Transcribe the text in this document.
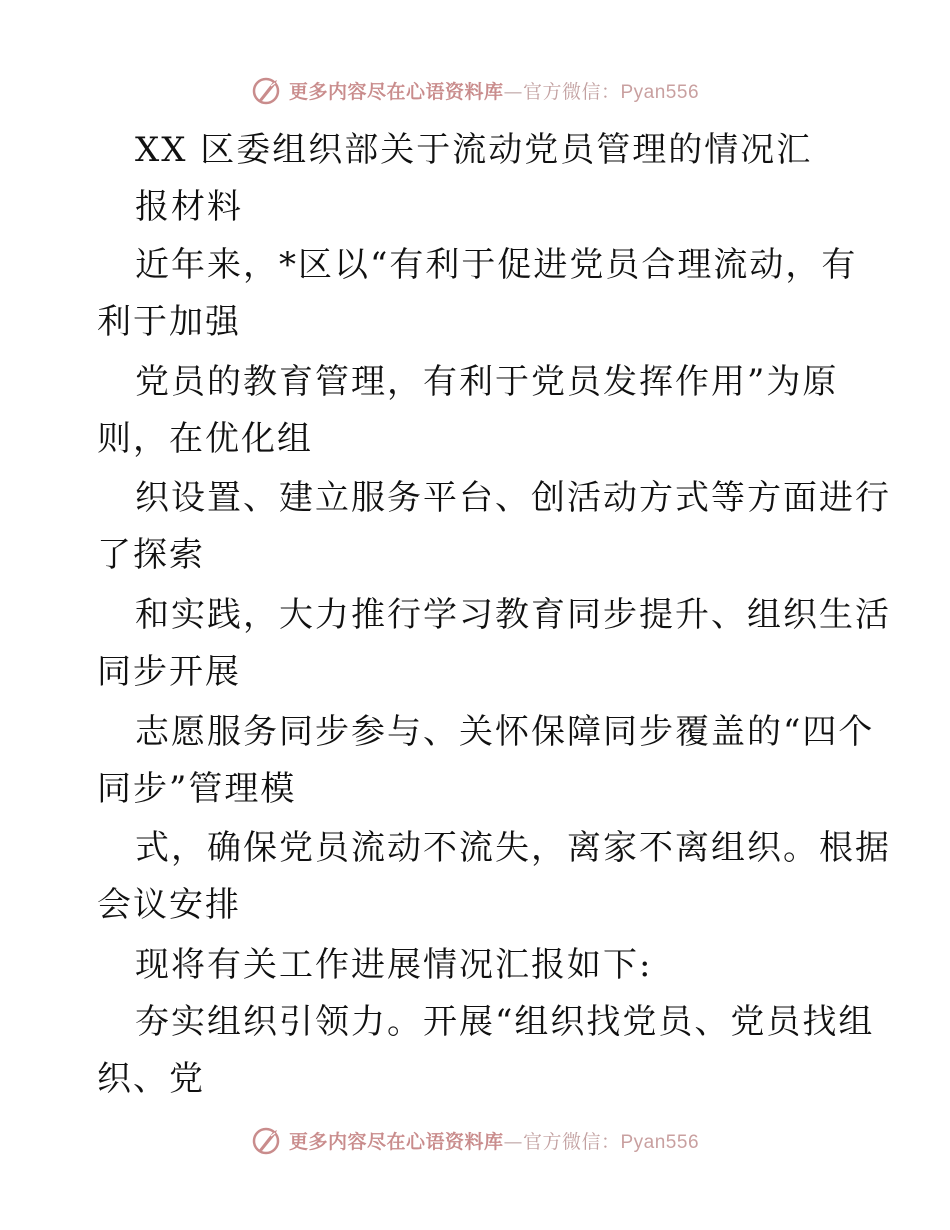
更多内容尽在心语资料库—官方微信：Pyan556
XX 区委组织部关于流动党员管理的情况汇
报材料
近年来，*区以“有利于促进党员合理流动，有
利于加强
党员的教育管理，有利于党员发挥作用”为原
则，在优化组
织设置、建立服务平台、创活动方式等方面进行
了探索
和实践，大力推行学习教育同步提升、组织生活
同步开展
志愿服务同步参与、关怀保障同步覆盖的“四个
同步”管理模
式，确保党员流动不流失，离家不离组织。根据
会议安排
现将有关工作进展情况汇报如下:
夯实组织引领力。开展“组织找党员、党员找组
织、党
更多内容尽在心语资料库—官方微信：Pyan556
